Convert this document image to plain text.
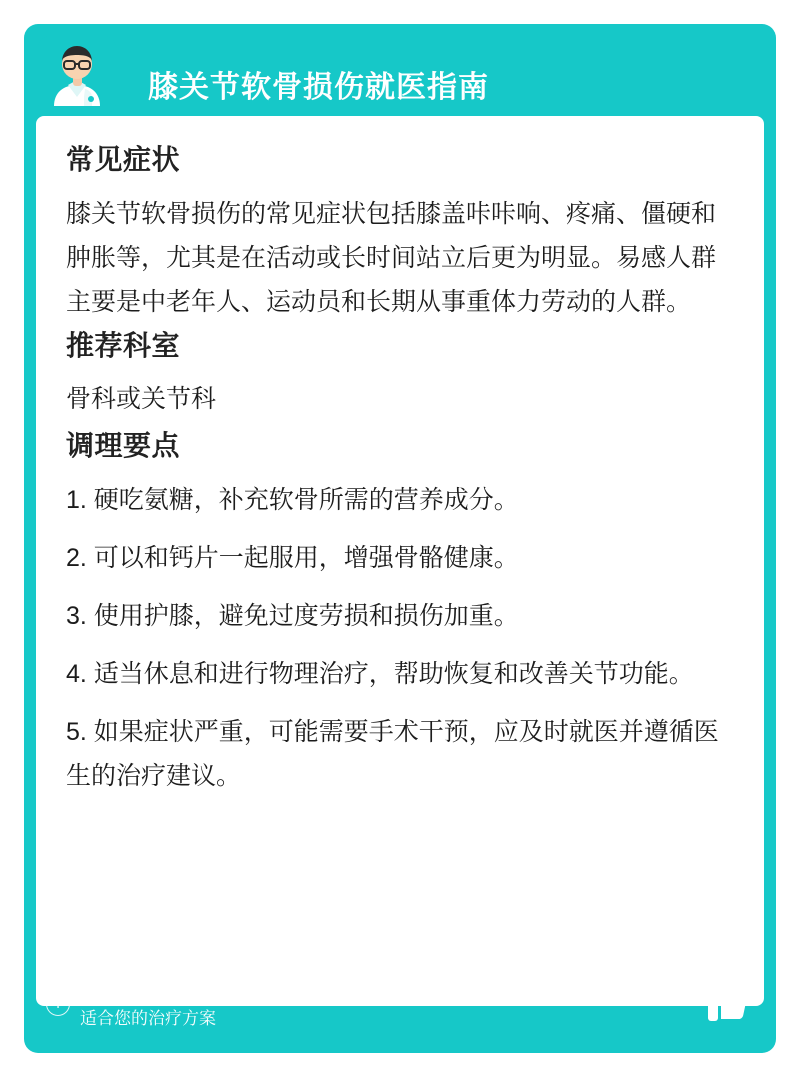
膝关节软骨损伤就医指南
常见症状

膝关节软骨损伤的常见症状包括膝盖咔咔响、疼痛、僵硬和肿胀等，尤其是在活动或长时间站立后更为明显。易感人群主要是中老年人、运动员和长期从事重体力劳动的人群。

推荐科室

骨科或关节科

调理要点
1. 硬吃氨糖，补充软骨所需的营养成分。
2. 可以和钙片一起服用，增强骨骼健康。
3. 使用护膝，避免过度劳损和损伤加重。
4. 适当休息和进行物理治疗，帮助恢复和改善关节功能。
5. 如果症状严重，可能需要手术干预，应及时就医并遵循医生的治疗建议。
i
京东互联网医院提醒您：内容仅供参考，如有相关疾病，请咨询专业医生，获取最适合您的治疗方案
